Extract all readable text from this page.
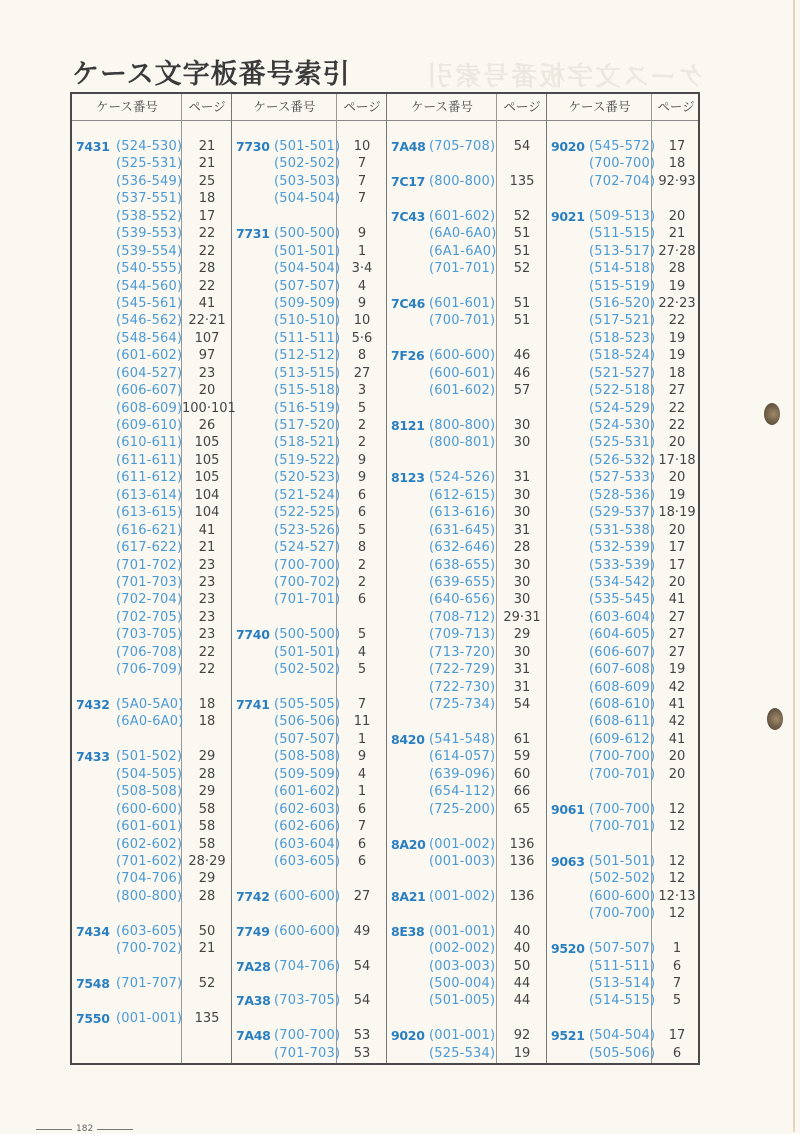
ケース文字板番号索引
ケース文字板番号索引
ケース番号	ページ	ケース番号	ページ	ケース番号	ページ	ケース番号	ページ
7431 (524-530)	21
(525-531)	21
(536-549)	25
(537-551)	18
(538-552)	17
(539-553)	22
(539-554)	22
(540-555)	28
(544-560)	22
(545-561)	41
(546-562) 22·21
(548-564) 107
(601-602)	97
(604-527)	23
(606-607)	20
(608-609) 100·101
(609-610)	26
(610-611) 105
(611-611) 105
(611-612) 105
(613-614) 104
(613-615) 104
(616-621)	41
(617-622)	21
(701-702)	23
(701-703)	23
(702-704)	23
(702-705)	23
(703-705)	23
(706-708)	22
(706-709)	22
7432 (5A0-5A0)	18
(6A0-6A0)	18
7433 (501-502)	29
(504-505)	28
(508-508)	29
(600-600)	58
(601-601)	58
(602-602)	58
(701-602) 28·29
(704-706)	29
(800-800)	28
7434 (603-605)	50
(700-702)	21
7548 (701-707)	52
7550 (001-001) 135
7730 (501-501)	10
(502-502)	7
(503-503)	7
(504-504)	7
7731 (500-500)	9
(501-501)	1
(504-504) 3·4
(507-507)	4
(509-509)	9
(510-510)	10
(511-511) 5·6
(512-512)	8
(513-515)	27
(515-518)	3
(516-519)	5
(517-520)	2
(518-521)	2
(519-522)	9
(520-523)	9
(521-524)	6
(522-525)	6
(523-526)	5
(524-527)	8
(700-700)	2
(700-702)	2
(701-701)	6
7740 (500-500)	5
(501-501)	4
(502-502)	5
7741 (505-505)	7
(506-506)	11
(507-507)	1
(508-508)	9
(509-509)	4
(601-602)	1
(602-603)	6
(602-606)	7
(603-604)	6
(603-605)	6
7742 (600-600)	27
7749 (600-600)	49
7A28 (704-706)	54
7A38 (703-705)	54
7A48 (700-700)	53
(701-703)	53
7A48 (705-708)	54
7C17 (800-800)	135
7C43 (601-602)	52
(6A0-6A0)	51
(6A1-6A0)	51
(701-701)	52
7C46 (601-601)	51
(700-701)	51
7F26 (600-600)	46
(600-601)	46
(601-602)	57
8121 (800-800)	30
(800-801)	30
8123 (524-526)	31
(612-615)	30
(613-616)	30
(631-645)	31
(632-646)	28
(638-655)	30
(639-655)	30
(640-656)	30
(708-712) 29·31
(709-713)	29
(713-720)	30
(722-729)	31
(722-730)	31
(725-734)	54
8420 (541-548)	61
(614-057)	59
(639-096)	60
(654-112)	66
(725-200)	65
8A20 (001-002)	136
(001-003)	136
8A21 (001-002)	136
8E38 (001-001)	40
(002-002)	40
(003-003)	50
(500-004)	44
(501-005)	44
9020 (001-001)	92
(525-534)	19
9020 (545-572)	17
(700-700)	18
(702-704) 92·93
9021 (509-513)	20
(511-515)	21
(513-517) 27·28
(514-518)	28
(515-519)	19
(516-520) 22·23
(517-521)	22
(518-523)	19
(518-524)	19
(521-527)	18
(522-518)	27
(524-529)	22
(524-530)	22
(525-531)	20
(526-532) 17·18
(527-533)	20
(528-536)	19
(529-537) 18·19
(531-538)	20
(532-539)	17
(533-539)	17
(534-542)	20
(535-545)	41
(603-604)	27
(604-605)	27
(606-607)	27
(607-608)	19
(608-609)	42
(608-610)	41
(608-611)	42
(609-612)	41
(700-700)	20
(700-701)	20
9061 (700-700)	12
(700-701)	12
9063 (501-501)	12
(502-502)	12
(600-600) 12·13
(700-700)	12
9520 (507-507)	1
(511-511)	6
(513-514)	7
(514-515)	5
9521 (504-504)	17
(505-506)	6
182
